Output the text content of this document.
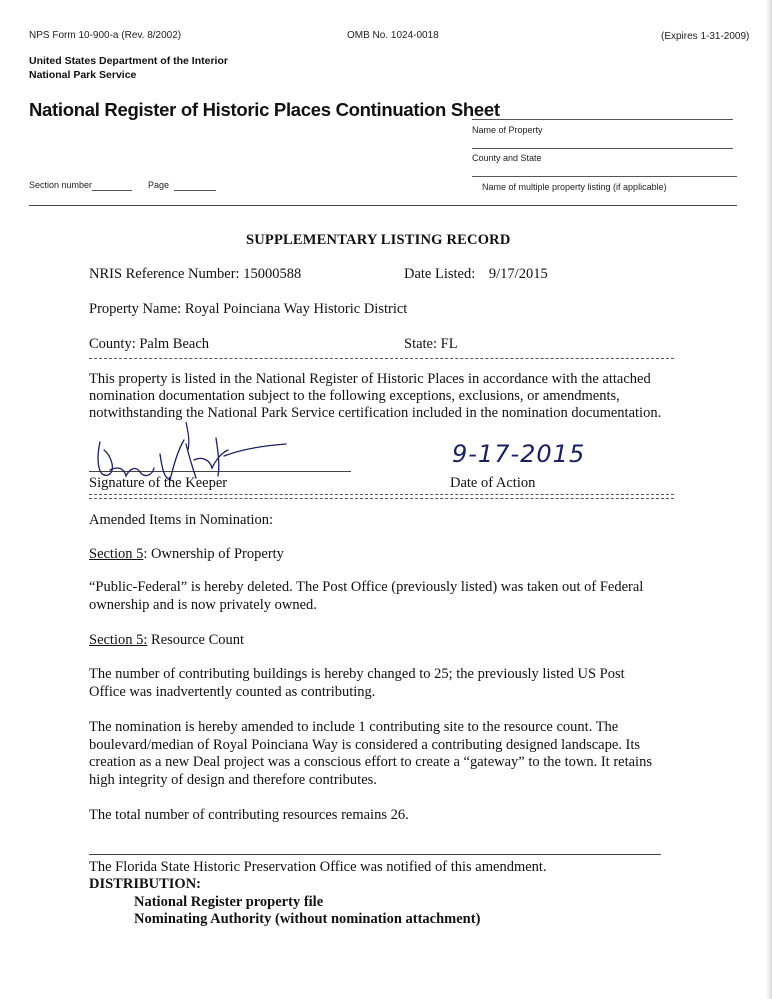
NPS Form 10-900-a (Rev. 8/2002)	OMB No. 1024-0018	(Expires 1-31-2009)
United States Department of the Interior
National Park Service
National Register of Historic Places Continuation Sheet
Name of Property
County and State
Name of multiple property listing (if applicable)
Section number	Page
SUPPLEMENTARY LISTING RECORD
NRIS Reference Number: 15000588	Date Listed: 9/17/2015
Property Name: Royal Poinciana Way Historic District
County: Palm Beach	State: FL
This property is listed in the National Register of Historic Places in accordance with the attached nomination documentation subject to the following exceptions, exclusions, or amendments, notwithstanding the National Park Service certification included in the nomination documentation.
9-17-2015
Signature of the Keeper	Date of Action
Amended Items in Nomination:
Section 5: Ownership of Property
“Public-Federal” is hereby deleted. The Post Office (previously listed) was taken out of Federal ownership and is now privately owned.
Section 5: Resource Count
The number of contributing buildings is hereby changed to 25; the previously listed US Post Office was inadvertently counted as contributing.
The nomination is hereby amended to include 1 contributing site to the resource count. The boulevard/median of Royal Poinciana Way is considered a contributing designed landscape. Its creation as a new Deal project was a conscious effort to create a “gateway” to the town. It retains high integrity of design and therefore contributes.
The total number of contributing resources remains 26.
The Florida State Historic Preservation Office was notified of this amendment.
DISTRIBUTION:
National Register property file
Nominating Authority (without nomination attachment)
